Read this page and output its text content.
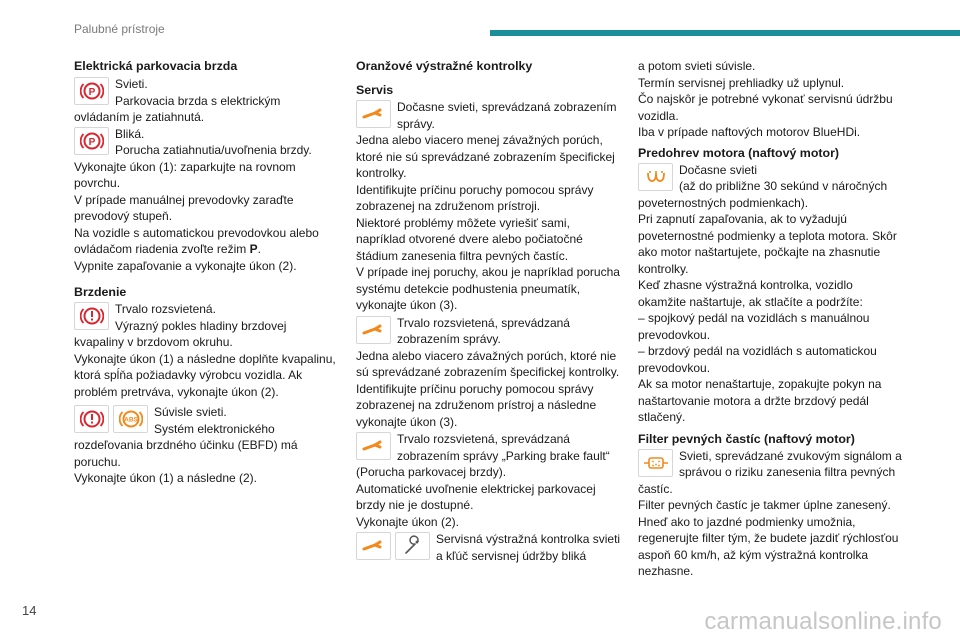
Palubné prístroje
Elektrická parkovacia brzda
P
Svieti.
Parkovacia brzda s elektrickým ovládaním je zatiahnutá.
P
Bliká.
Porucha zatiahnutia/uvoľnenia brzdy.

Vykonajte úkon (1): zaparkujte na rovnom povrchu.

V prípade manuálnej prevodovky zaraďte prevodový stupeň.

Na vozidle s automatickou prevodovkou alebo ovládačom riadenia zvoľte režim P.

Vypnite zapaľovanie a vykonajte úkon (2).

Brzdenie
Trvalo rozsvietená.
Výrazný pokles hladiny brzdovej kvapaliny v brzdovom okruhu.

Vykonajte úkon (1) a následne doplňte kvapalinu, ktorá spĺňa požiadavky výrobcu vozidla. Ak problém pretrváva, vykonajte úkon (2).

ABS
Súvisle svieti.
Systém elektronického rozdeľovania brzdného účinku (EBFD) má poruchu.

Vykonajte úkon (1) a následne (2).

Oranžové výstražné kontrolky
Servis
Dočasne svieti, sprevádzaná zobrazením správy.

Jedna alebo viacero menej závažných porúch, ktoré nie sú sprevádzané zobrazením špecifickej kontrolky.

Identifikujte príčinu poruchy pomocou správy zobrazenej na združenom prístroji.

Niektoré problémy môžete vyriešiť sami, napríklad otvorené dvere alebo počiatočné štádium zanesenia filtra pevných častíc.

V prípade inej poruchy, akou je napríklad porucha systému detekcie podhustenia pneumatík, vykonajte úkon (3).

Trvalo rozsvietená, sprevádzaná zobrazením správy.

Jedna alebo viacero závažných porúch, ktoré nie sú sprevádzané zobrazením špecifickej kontrolky.

Identifikujte príčinu poruchy pomocou správy zobrazenej na združenom prístroj a následne vykonajte úkon (3).

Trvalo rozsvietená, sprevádzaná zobrazením správy „Parking brake fault“ (Porucha parkovacej brzdy).

Automatické uvoľnenie elektrickej parkovacej brzdy nie je dostupné.

Vykonajte úkon (2).

Servisná výstražná kontrolka svieti a kľúč servisnej údržby bliká

a potom svieti súvisle.

Termín servisnej prehliadky už uplynul.

Čo najskôr je potrebné vykonať servisnú údržbu vozidla.

Iba v prípade naftových motorov BlueHDi.

Predohrev motora (naftový motor)
Dočasne svieti
(až do približne 30 sekúnd v náročných poveternostných podmienkach).

Pri zapnutí zapaľovania, ak to vyžadujú poveternostné podmienky a teplota motora. Skôr ako motor naštartujete, počkajte na zhasnutie kontrolky.

Keď zhasne výstražná kontrolka, vozidlo okamžite naštartuje, ak stlačíte a podržíte:

– spojkový pedál na vozidlách s manuálnou prevodovkou.

– brzdový pedál na vozidlách s automatickou prevodovkou.

Ak sa motor nenaštartuje, zopakujte pokyn na naštartovanie motora a držte brzdový pedál stlačený.

Filter pevných častíc (naftový motor)
Svieti, sprevádzané zvukovým signálom a správou o riziku zanesenia filtra pevných častíc.

Filter pevných častíc je takmer úplne zanesený.

Hneď ako to jazdné podmienky umožnia, regenerujte filter tým, že budete jazdiť rýchlosťou aspoň 60 km/h, až kým výstražná kontrolka nezhasne.

14	carmanualsonline.info
